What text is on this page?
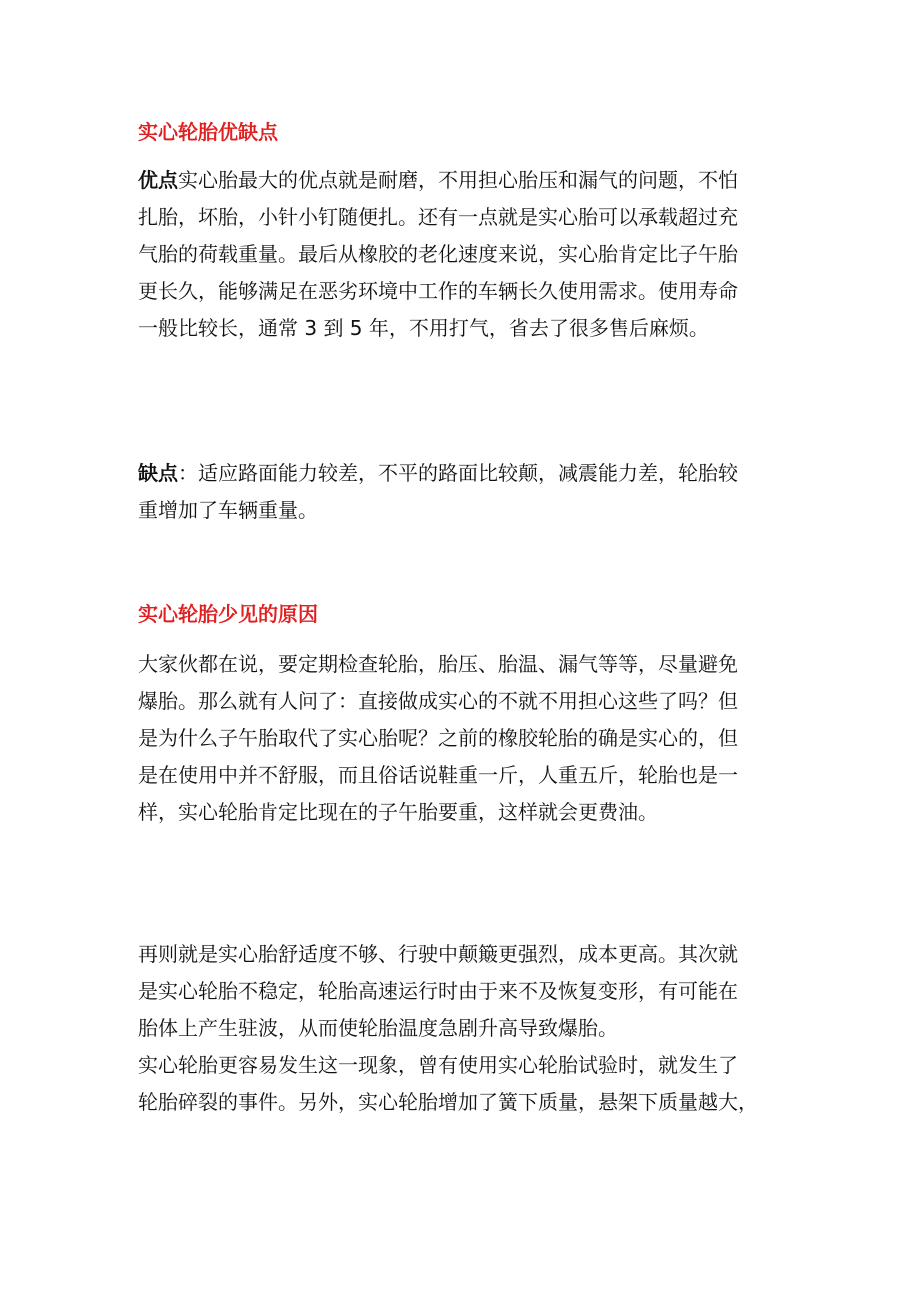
实心轮胎优缺点
优点实心胎最大的优点就是耐磨，不用担心胎压和漏气的问题，不怕
扎胎，坏胎，小针小钉随便扎。还有一点就是实心胎可以承载超过充
气胎的荷载重量。最后从橡胶的老化速度来说，实心胎肯定比子午胎
更长久，能够满足在恶劣环境中工作的车辆长久使用需求。使用寿命
一般比较长，通常 3 到 5 年，不用打气，省去了很多售后麻烦。
缺点：适应路面能力较差，不平的路面比较颠，减震能力差，轮胎较
重增加了车辆重量。
实心轮胎少见的原因
大家伙都在说，要定期检查轮胎，胎压、胎温、漏气等等，尽量避免
爆胎。那么就有人问了：直接做成实心的不就不用担心这些了吗？但
是为什么子午胎取代了实心胎呢？之前的橡胶轮胎的确是实心的，但
是在使用中并不舒服，而且俗话说鞋重一斤，人重五斤，轮胎也是一
样，实心轮胎肯定比现在的子午胎要重，这样就会更费油。
再则就是实心胎舒适度不够、行驶中颠簸更强烈，成本更高。其次就
是实心轮胎不稳定，轮胎高速运行时由于来不及恢复变形，有可能在
胎体上产生驻波，从而使轮胎温度急剧升高导致爆胎。
实心轮胎更容易发生这一现象，曾有使用实心轮胎试验时，就发生了
轮胎碎裂的事件。另外，实心轮胎增加了簧下质量，悬架下质量越大，
